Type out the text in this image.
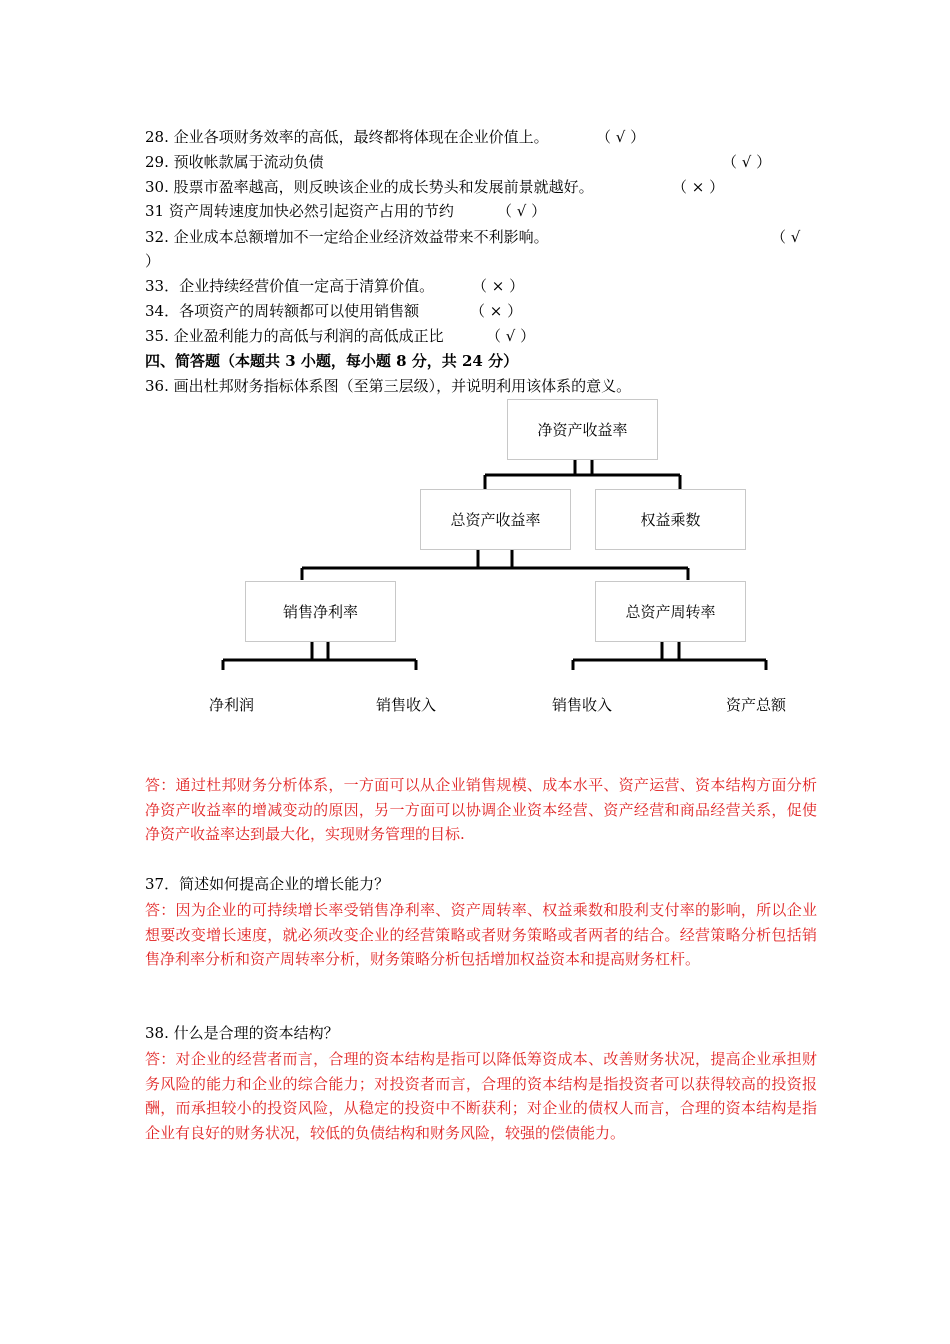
28. 企业各项财务效率的高低，最终都将体现在企业价值上。	（ √ ）
29. 预收帐款属于流动负债	（ √ ）
30. 股票市盈率越高，则反映该企业的成长势头和发展前景就越好。	（ × ）
31 资产周转速度加快必然引起资产占用的节约	（ √ ）
32. 企业成本总额增加不一定给企业经济效益带来不利影响。	（ √
）
33．企业持续经营价值一定高于清算价值。	（ × ）
34．各项资产的周转额都可以使用销售额	（ × ）
35. 企业盈利能力的高低与利润的高低成正比	（ √ ）
四、简答题（本题共 3 小题，每小题 8 分，共 24 分）
36. 画出杜邦财务指标体系图（至第三层级），并说明利用该体系的意义。
净资产收益率
总资产收益率	权益乘数
销售净利率	总资产周转率
净利润	销售收入	销售收入	资产总额
答：通过杜邦财务分析体系，一方面可以从企业销售规模、成本水平、资产运营、资本结构方面分析净资产收益率的增减变动的原因，另一方面可以协调企业资本经营、资产经营和商品经营关系，促使净资产收益率达到最大化，实现财务管理的目标.
37．简述如何提高企业的增长能力？
答：因为企业的可持续增长率受销售净利率、资产周转率、权益乘数和股利支付率的影响，所以企业想要改变增长速度，就必须改变企业的经营策略或者财务策略或者两者的结合。经营策略分析包括销售净利率分析和资产周转率分析，财务策略分析包括增加权益资本和提高财务杠杆。
38. 什么是合理的资本结构？
答：对企业的经营者而言，合理的资本结构是指可以降低筹资成本、改善财务状况，提高企业承担财务风险的能力和企业的综合能力；对投资者而言，合理的资本结构是指投资者可以获得较高的投资报酬，而承担较小的投资风险，从稳定的投资中不断获利；对企业的债权人而言，合理的资本结构是指企业有良好的财务状况，较低的负债结构和财务风险，较强的偿债能力。
